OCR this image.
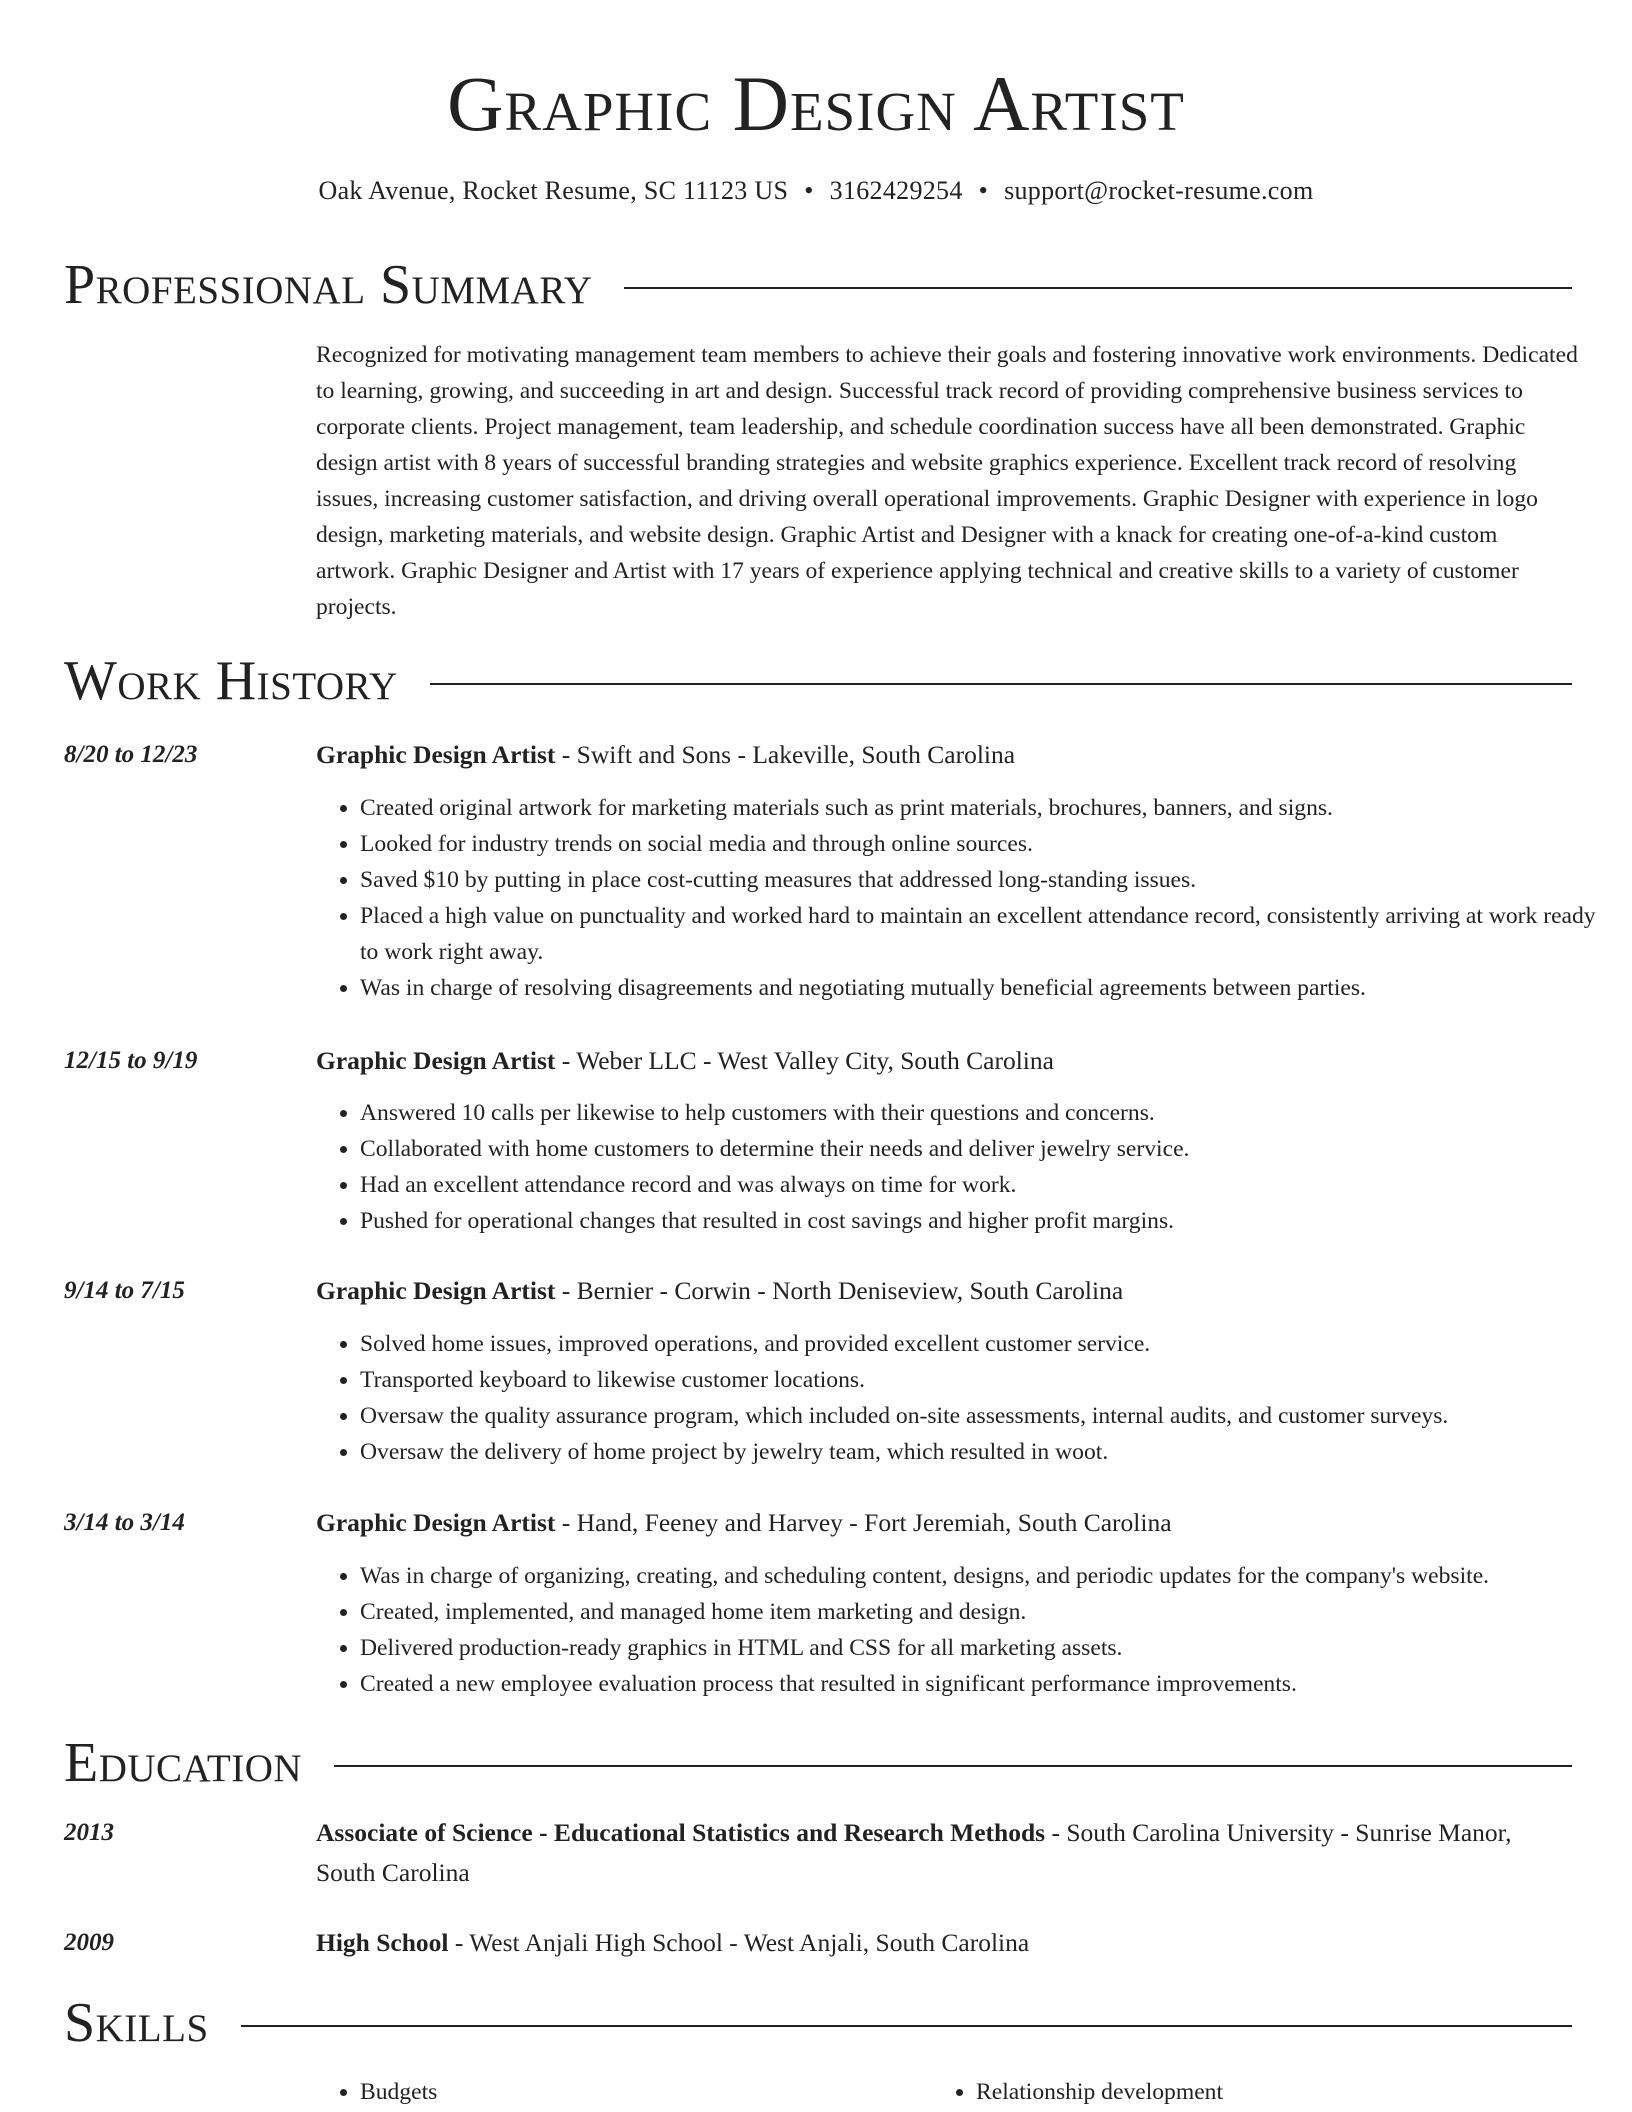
Graphic Design Artist
Oak Avenue, Rocket Resume, SC 11123 US • 3162429254 • support@rocket-resume.com
Professional Summary

Recognized for motivating management team members to achieve their goals and fostering innovative work environments. Dedicated to learning, growing, and succeeding in art and design. Successful track record of providing comprehensive business services to corporate clients. Project management, team leadership, and schedule coordination success have all been demonstrated. Graphic design artist with 8 years of successful branding strategies and website graphics experience. Excellent track record of resolving issues, increasing customer satisfaction, and driving overall operational improvements. Graphic Designer with experience in logo design, marketing materials, and website design. Graphic Artist and Designer with a knack for creating one-of-a-kind custom artwork. Graphic Designer and Artist with 17 years of experience applying technical and creative skills to a variety of customer projects.

Work History
8/20 to 12/23	Graphic Design Artist - Swift and Sons - Lakeville, South Carolina
• Created original artwork for marketing materials such as print materials, brochures, banners, and signs.
• Looked for industry trends on social media and through online sources.
• Saved $10 by putting in place cost-cutting measures that addressed long-standing issues.
• Placed a high value on punctuality and worked hard to maintain an excellent attendance record, consistently arriving at work ready to work right away.
• Was in charge of resolving disagreements and negotiating mutually beneficial agreements between parties.
12/15 to 9/19	Graphic Design Artist - Weber LLC - West Valley City, South Carolina
• Answered 10 calls per likewise to help customers with their questions and concerns.
• Collaborated with home customers to determine their needs and deliver jewelry service.
• Had an excellent attendance record and was always on time for work.
• Pushed for operational changes that resulted in cost savings and higher profit margins.
9/14 to 7/15	Graphic Design Artist - Bernier - Corwin - North Deniseview, South Carolina
• Solved home issues, improved operations, and provided excellent customer service.
• Transported keyboard to likewise customer locations.
• Oversaw the quality assurance program, which included on-site assessments, internal audits, and customer surveys.
• Oversaw the delivery of home project by jewelry team, which resulted in woot.
3/14 to 3/14	Graphic Design Artist - Hand, Feeney and Harvey - Fort Jeremiah, South Carolina
• Was in charge of organizing, creating, and scheduling content, designs, and periodic updates for the company's website.
• Created, implemented, and managed home item marketing and design.
• Delivered production-ready graphics in HTML and CSS for all marketing assets.
• Created a new employee evaluation process that resulted in significant performance improvements.
Education
2013	Associate of Science - Educational Statistics and Research Methods - South Carolina University - Sunrise Manor, South Carolina
2009	High School - West Anjali High School - West Anjali, South Carolina
Skills
• Budgets
•	Relationship development
